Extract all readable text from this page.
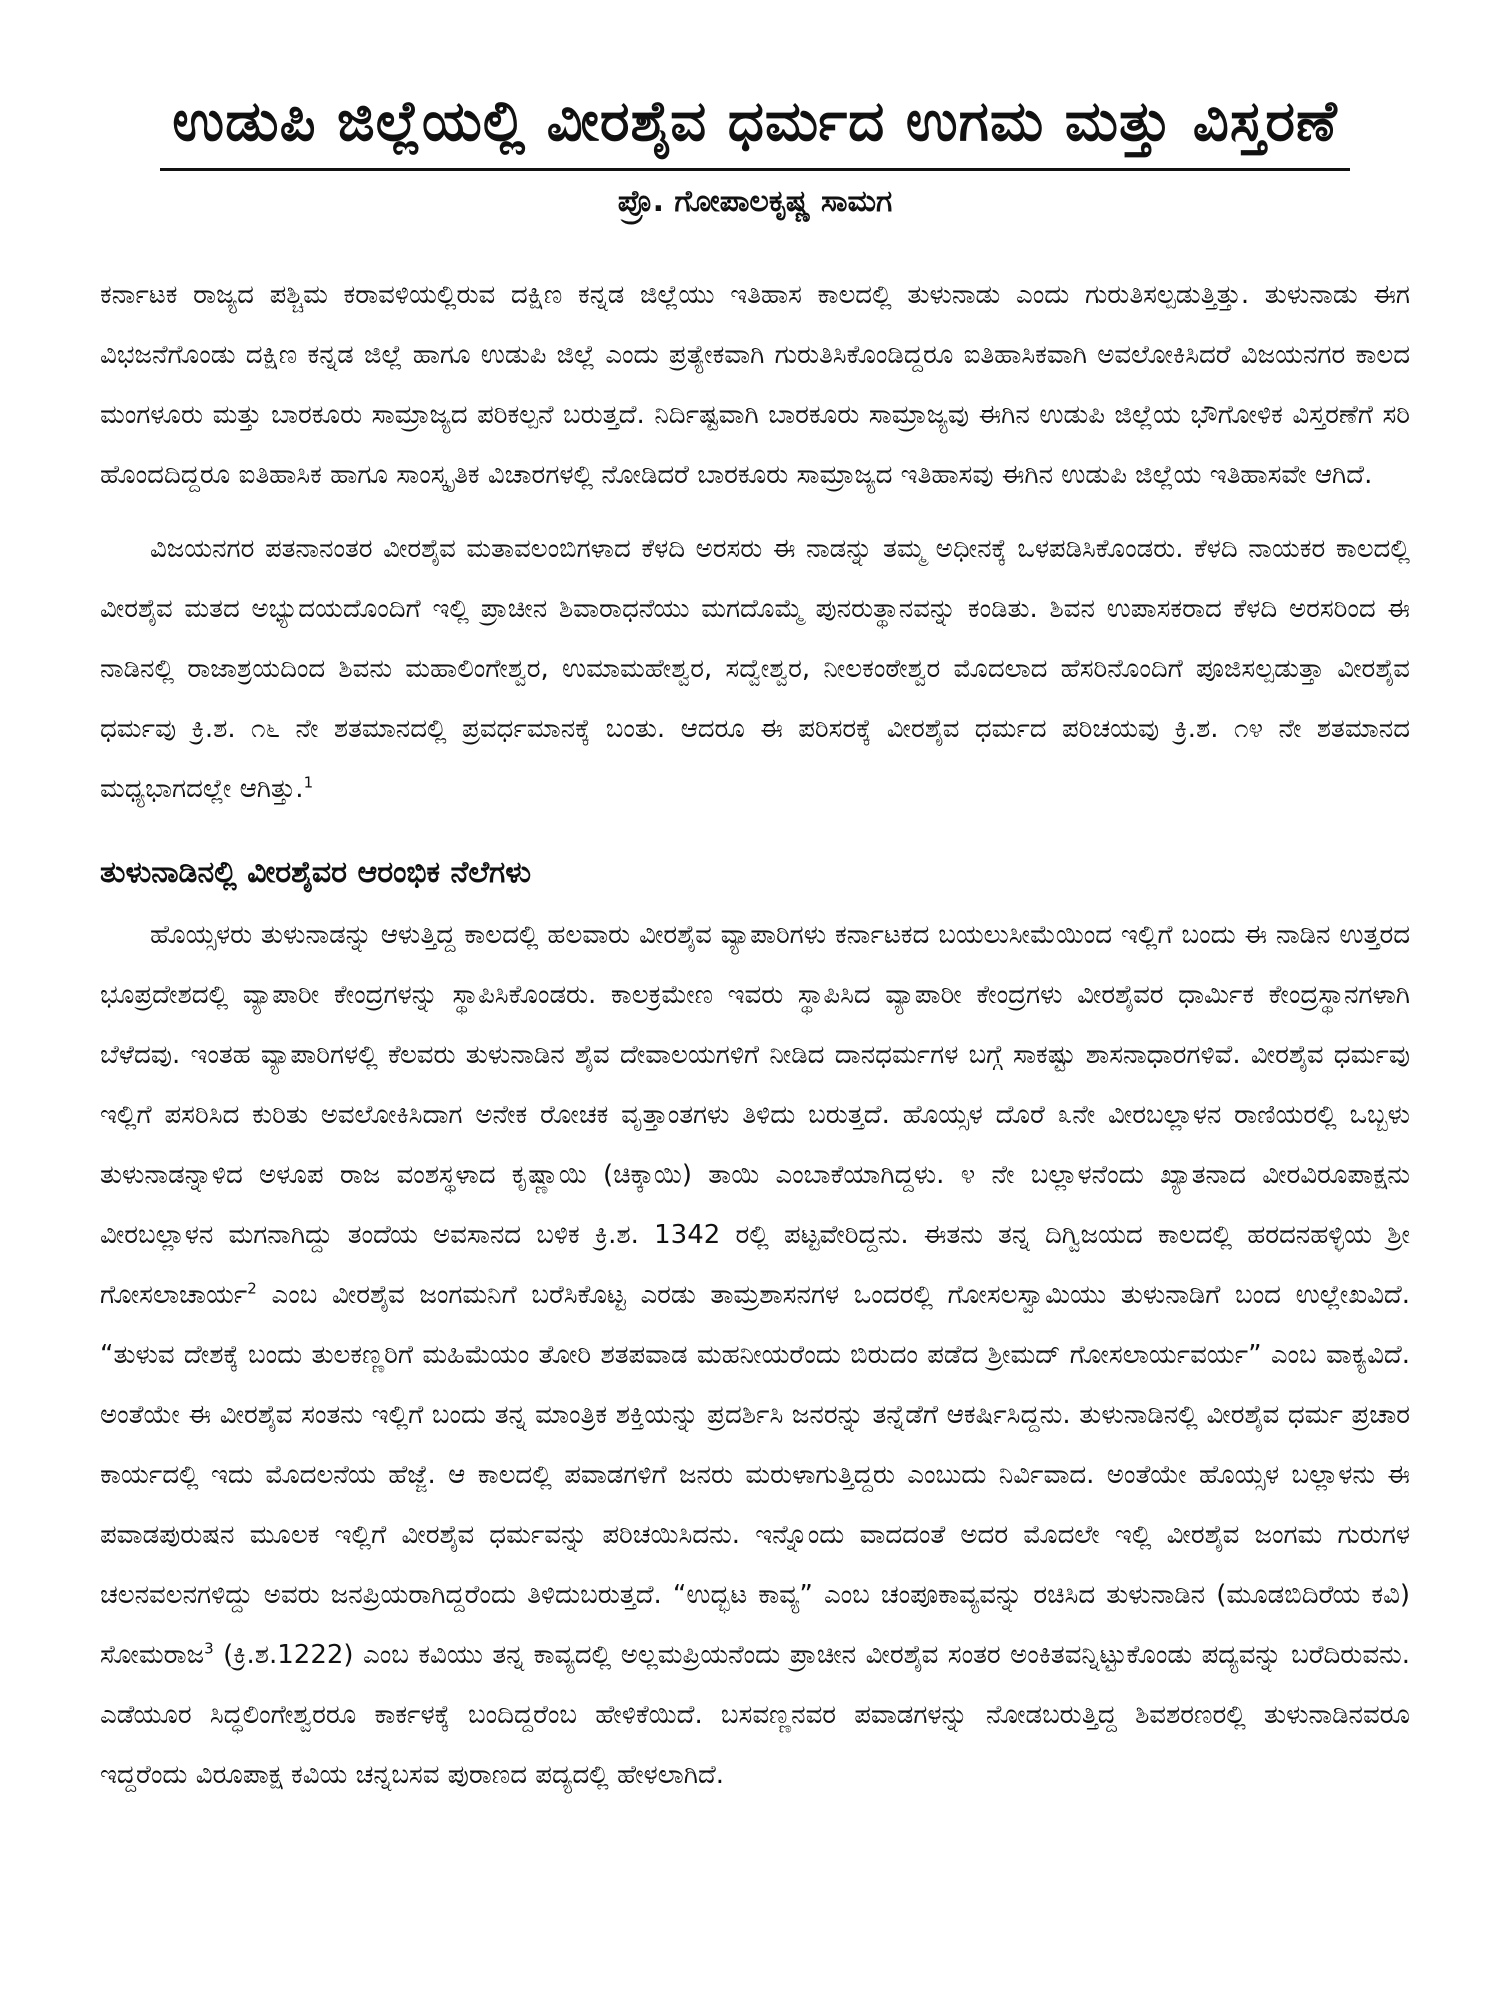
ಉಡುಪಿ ಜಿಲ್ಲೆಯಲ್ಲಿ ವೀರಶೈವ ಧರ್ಮದ ಉಗಮ ಮತ್ತು ವಿಸ್ತರಣೆ
ಪ್ರೊ. ಗೋಪಾಲಕೃಷ್ಣ ಸಾಮಗ

ಕರ್ನಾಟಕ ರಾಜ್ಯದ ಪಶ್ಚಿಮ ಕರಾವಳಿಯಲ್ಲಿರುವ ದಕ್ಷಿಣ ಕನ್ನಡ ಜಿಲ್ಲೆಯು ಇತಿಹಾಸ ಕಾಲದಲ್ಲಿ ತುಳುನಾಡು ಎಂದು ಗುರುತಿಸಲ್ಪಡುತ್ತಿತ್ತು. ತುಳುನಾಡು ಈಗ ವಿಭಜನೆಗೊಂಡು ದಕ್ಷಿಣ ಕನ್ನಡ ಜಿಲ್ಲೆ ಹಾಗೂ ಉಡುಪಿ ಜಿಲ್ಲೆ ಎಂದು ಪ್ರತ್ಯೇಕವಾಗಿ ಗುರುತಿಸಿಕೊಂಡಿದ್ದರೂ ಐತಿಹಾಸಿಕವಾಗಿ ಅವಲೋಕಿಸಿದರೆ ವಿಜಯನಗರ ಕಾಲದ ಮಂಗಳೂರು ಮತ್ತು ಬಾರಕೂರು ಸಾಮ್ರಾಜ್ಯದ ಪರಿಕಲ್ಪನೆ ಬರುತ್ತದೆ. ನಿರ್ದಿಷ್ಟವಾಗಿ ಬಾರಕೂರು ಸಾಮ್ರಾಜ್ಯವು ಈಗಿನ ಉಡುಪಿ ಜಿಲ್ಲೆಯ ಭೌಗೋಳಿಕ ವಿಸ್ತರಣೆಗೆ ಸರಿ ಹೊಂದದಿದ್ದರೂ ಐತಿಹಾಸಿಕ ಹಾಗೂ ಸಾಂಸ್ಕೃತಿಕ ವಿಚಾರಗಳಲ್ಲಿ ನೋಡಿದರೆ ಬಾರಕೂರು ಸಾಮ್ರಾಜ್ಯದ ಇತಿಹಾಸವು ಈಗಿನ ಉಡುಪಿ ಜಿಲ್ಲೆಯ ಇತಿಹಾಸವೇ ಆಗಿದೆ.

ವಿಜಯನಗರ ಪತನಾನಂತರ ವೀರಶೈವ ಮತಾವಲಂಬಿಗಳಾದ ಕೆಳದಿ ಅರಸರು ಈ ನಾಡನ್ನು ತಮ್ಮ ಅಧೀನಕ್ಕೆ ಒಳಪಡಿಸಿಕೊಂಡರು. ಕೆಳದಿ ನಾಯಕರ ಕಾಲದಲ್ಲಿ ವೀರಶೈವ ಮತದ ಅಭ್ಯುದಯದೊಂದಿಗೆ ಇಲ್ಲಿ ಪ್ರಾಚೀನ ಶಿವಾರಾಧನೆಯು ಮಗದೊಮ್ಮೆ ಪುನರುತ್ಥಾನವನ್ನು ಕಂಡಿತು. ಶಿವನ ಉಪಾಸಕರಾದ ಕೆಳದಿ ಅರಸರಿಂದ ಈ ನಾಡಿನಲ್ಲಿ ರಾಜಾಶ್ರಯದಿಂದ ಶಿವನು ಮಹಾಲಿಂಗೇಶ್ವರ, ಉಮಾಮಹೇಶ್ವರ, ಸದ್ವೇಶ್ವರ, ನೀಲಕಂಠೇಶ್ವರ ಮೊದಲಾದ ಹೆಸರಿನೊಂದಿಗೆ ಪೂಜಿಸಲ್ಪಡುತ್ತಾ ವೀರಶೈವ ಧರ್ಮವು ಕ್ರಿ.ಶ. ೧೬ ನೇ ಶತಮಾನದಲ್ಲಿ ಪ್ರವರ್ಧಮಾನಕ್ಕೆ ಬಂತು. ಆದರೂ ಈ ಪರಿಸರಕ್ಕೆ ವೀರಶೈವ ಧರ್ಮದ ಪರಿಚಯವು ಕ್ರಿ.ಶ. ೧೪ ನೇ ಶತಮಾನದ ಮಧ್ಯಭಾಗದಲ್ಲೇ ಆಗಿತ್ತು.$^1$

ತುಳುನಾಡಿನಲ್ಲಿ ವೀರಶೈವರ ಆರಂಭಿಕ ನೆಲೆಗಳು

ಹೊಯ್ಸಳರು ತುಳುನಾಡನ್ನು ಆಳುತ್ತಿದ್ದ ಕಾಲದಲ್ಲಿ ಹಲವಾರು ವೀರಶೈವ ವ್ಯಾಪಾರಿಗಳು ಕರ್ನಾಟಕದ ಬಯಲುಸೀಮೆಯಿಂದ ಇಲ್ಲಿಗೆ ಬಂದು ಈ ನಾಡಿನ ಉತ್ತರದ ಭೂಪ್ರದೇಶದಲ್ಲಿ ವ್ಯಾಪಾರೀ ಕೇಂದ್ರಗಳನ್ನು ಸ್ಥಾಪಿಸಿಕೊಂಡರು. ಕಾಲಕ್ರಮೇಣ ಇವರು ಸ್ಥಾಪಿಸಿದ ವ್ಯಾಪಾರೀ ಕೇಂದ್ರಗಳು ವೀರಶೈವರ ಧಾರ್ಮಿಕ ಕೇಂದ್ರಸ್ಥಾನಗಳಾಗಿ ಬೆಳೆದವು. ಇಂತಹ ವ್ಯಾಪಾರಿಗಳಲ್ಲಿ ಕೆಲವರು ತುಳುನಾಡಿನ ಶೈವ ದೇವಾಲಯಗಳಿಗೆ ನೀಡಿದ ದಾನಧರ್ಮಗಳ ಬಗ್ಗೆ ಸಾಕಷ್ಟು ಶಾಸನಾಧಾರಗಳಿವೆ. ವೀರಶೈವ ಧರ್ಮವು ಇಲ್ಲಿಗೆ ಪಸರಿಸಿದ ಕುರಿತು ಅವಲೋಕಿಸಿದಾಗ ಅನೇಕ ರೋಚಕ ವೃತ್ತಾಂತಗಳು ತಿಳಿದು ಬರುತ್ತದೆ. ಹೊಯ್ಸಳ ದೊರೆ ೩ನೇ ವೀರಬಲ್ಲಾಳನ ರಾಣಿಯರಲ್ಲಿ ಒಬ್ಬಳು ತುಳುನಾಡನ್ನಾಳಿದ ಅಳೂಪ ರಾಜ ವಂಶಸ್ಥಳಾದ ಕೃಷ್ಣಾಯಿ (ಚಿಕ್ಕಾಯಿ) ತಾಯಿ ಎಂಬಾಕೆಯಾಗಿದ್ದಳು. ೪ ನೇ ಬಲ್ಲಾಳನೆಂದು ಖ್ಯಾತನಾದ ವೀರವಿರೂಪಾಕ್ಷನು ವೀರಬಲ್ಲಾಳನ ಮಗನಾಗಿದ್ದು ತಂದೆಯ ಅವಸಾನದ ಬಳಿಕ ಕ್ರಿ.ಶ. 1342 ರಲ್ಲಿ ಪಟ್ಟವೇರಿದ್ದನು. ಈತನು ತನ್ನ ದಿಗ್ವಿಜಯದ ಕಾಲದಲ್ಲಿ ಹರದನಹಳ್ಳಿಯ ಶ್ರೀ ಗೋಸಲಾಚಾರ್ಯ$^2$ ಎಂಬ ವೀರಶೈವ ಜಂಗಮನಿಗೆ ಬರೆಸಿಕೊಟ್ಟ ಎರಡು ತಾಮ್ರಶಾಸನಗಳ ಒಂದರಲ್ಲಿ ಗೋಸಲಸ್ವಾಮಿಯು ತುಳುನಾಡಿಗೆ ಬಂದ ಉಲ್ಲೇಖವಿದೆ. “ತುಳುವ ದೇಶಕ್ಕೆ ಬಂದು ತುಲಕಣ್ಣರಿಗೆ ಮಹಿಮೆಯಂ ತೋರಿ ಶತಪವಾಡ ಮಹನೀಯರೆಂದು ಬಿರುದಂ ಪಡೆದ ಶ್ರೀಮದ್ ಗೋಸಲಾರ್ಯವರ್ಯ” ಎಂಬ ವಾಕ್ಯವಿದೆ. ಅಂತೆಯೇ ಈ ವೀರಶೈವ ಸಂತನು ಇಲ್ಲಿಗೆ ಬಂದು ತನ್ನ ಮಾಂತ್ರಿಕ ಶಕ್ತಿಯನ್ನು ಪ್ರದರ್ಶಿಸಿ ಜನರನ್ನು ತನ್ನೆಡೆಗೆ ಆಕರ್ಷಿಸಿದ್ದನು. ತುಳುನಾಡಿನಲ್ಲಿ ವೀರಶೈವ ಧರ್ಮ ಪ್ರಚಾರ ಕಾರ್ಯದಲ್ಲಿ ಇದು ಮೊದಲನೆಯ ಹೆಜ್ಜೆ. ಆ ಕಾಲದಲ್ಲಿ ಪವಾಡಗಳಿಗೆ ಜನರು ಮರುಳಾಗುತ್ತಿದ್ದರು ಎಂಬುದು ನಿರ್ವಿವಾದ. ಅಂತೆಯೇ ಹೊಯ್ಸಳ ಬಲ್ಲಾಳನು ಈ ಪವಾಡಪುರುಷನ ಮೂಲಕ ಇಲ್ಲಿಗೆ ವೀರಶೈವ ಧರ್ಮವನ್ನು ಪರಿಚಯಿಸಿದನು. ಇನ್ನೊಂದು ವಾದದಂತೆ ಅದರ ಮೊದಲೇ ಇಲ್ಲಿ ವೀರಶೈವ ಜಂಗಮ ಗುರುಗಳ ಚಲನವಲನಗಳಿದ್ದು ಅವರು ಜನಪ್ರಿಯರಾಗಿದ್ದರೆಂದು ತಿಳಿದುಬರುತ್ತದೆ. “ಉದ್ಭಟ ಕಾವ್ಯ” ಎಂಬ ಚಂಪೂಕಾವ್ಯವನ್ನು ರಚಿಸಿದ ತುಳುನಾಡಿನ (ಮೂಡಬಿದಿರೆಯ ಕವಿ) ಸೋಮರಾಜ$^3$ (ಕ್ರಿ.ಶ.1222) ಎಂಬ ಕವಿಯು ತನ್ನ ಕಾವ್ಯದಲ್ಲಿ ಅಲ್ಲಮಪ್ರಿಯನೆಂದು ಪ್ರಾಚೀನ ವೀರಶೈವ ಸಂತರ ಅಂಕಿತವನ್ನಿಟ್ಟುಕೊಂಡು ಪದ್ಯವನ್ನು ಬರೆದಿರುವನು. ಎಡೆಯೂರ ಸಿದ್ಧಲಿಂಗೇಶ್ವರರೂ ಕಾರ್ಕಳಕ್ಕೆ ಬಂದಿದ್ದರೆಂಬ ಹೇಳಿಕೆಯಿದೆ. ಬಸವಣ್ಣನವರ ಪವಾಡಗಳನ್ನು ನೋಡಬರುತ್ತಿದ್ದ ಶಿವಶರಣರಲ್ಲಿ ತುಳುನಾಡಿನವರೂ ಇದ್ದರೆಂದು ವಿರೂಪಾಕ್ಷ ಕವಿಯ ಚನ್ನಬಸವ ಪುರಾಣದ ಪದ್ಯದಲ್ಲಿ ಹೇಳಲಾಗಿದೆ.
